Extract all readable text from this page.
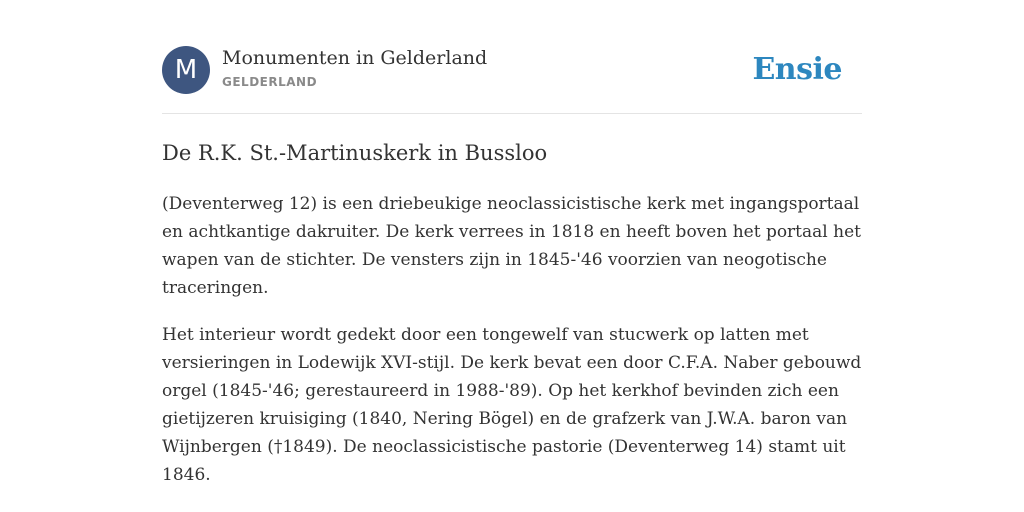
M	Monumenten in Gelderland
GELDERLAND	Ensie
De R.K. St.-Martinuskerk in Bussloo

(Deventerweg 12) is een driebeukige neoclassicistische kerk met ingangsportaal en achtkantige dakruiter. De kerk verrees in 1818 en heeft boven het portaal het wapen van de stichter. De vensters zijn in 1845-'46 voorzien van neogotische traceringen.

Het interieur wordt gedekt door een tongewelf van stucwerk op latten met versieringen in Lodewijk XVI-stijl. De kerk bevat een door C.F.A. Naber gebouwd orgel (1845-'46; gerestaureerd in 1988-'89). Op het kerkhof bevinden zich een gietijzeren kruisiging (1840, Nering Bögel) en de grafzerk van J.W.A. baron van Wijnbergen (†1849). De neoclassicistische pastorie (Deventerweg 14) stamt uit 1846.
